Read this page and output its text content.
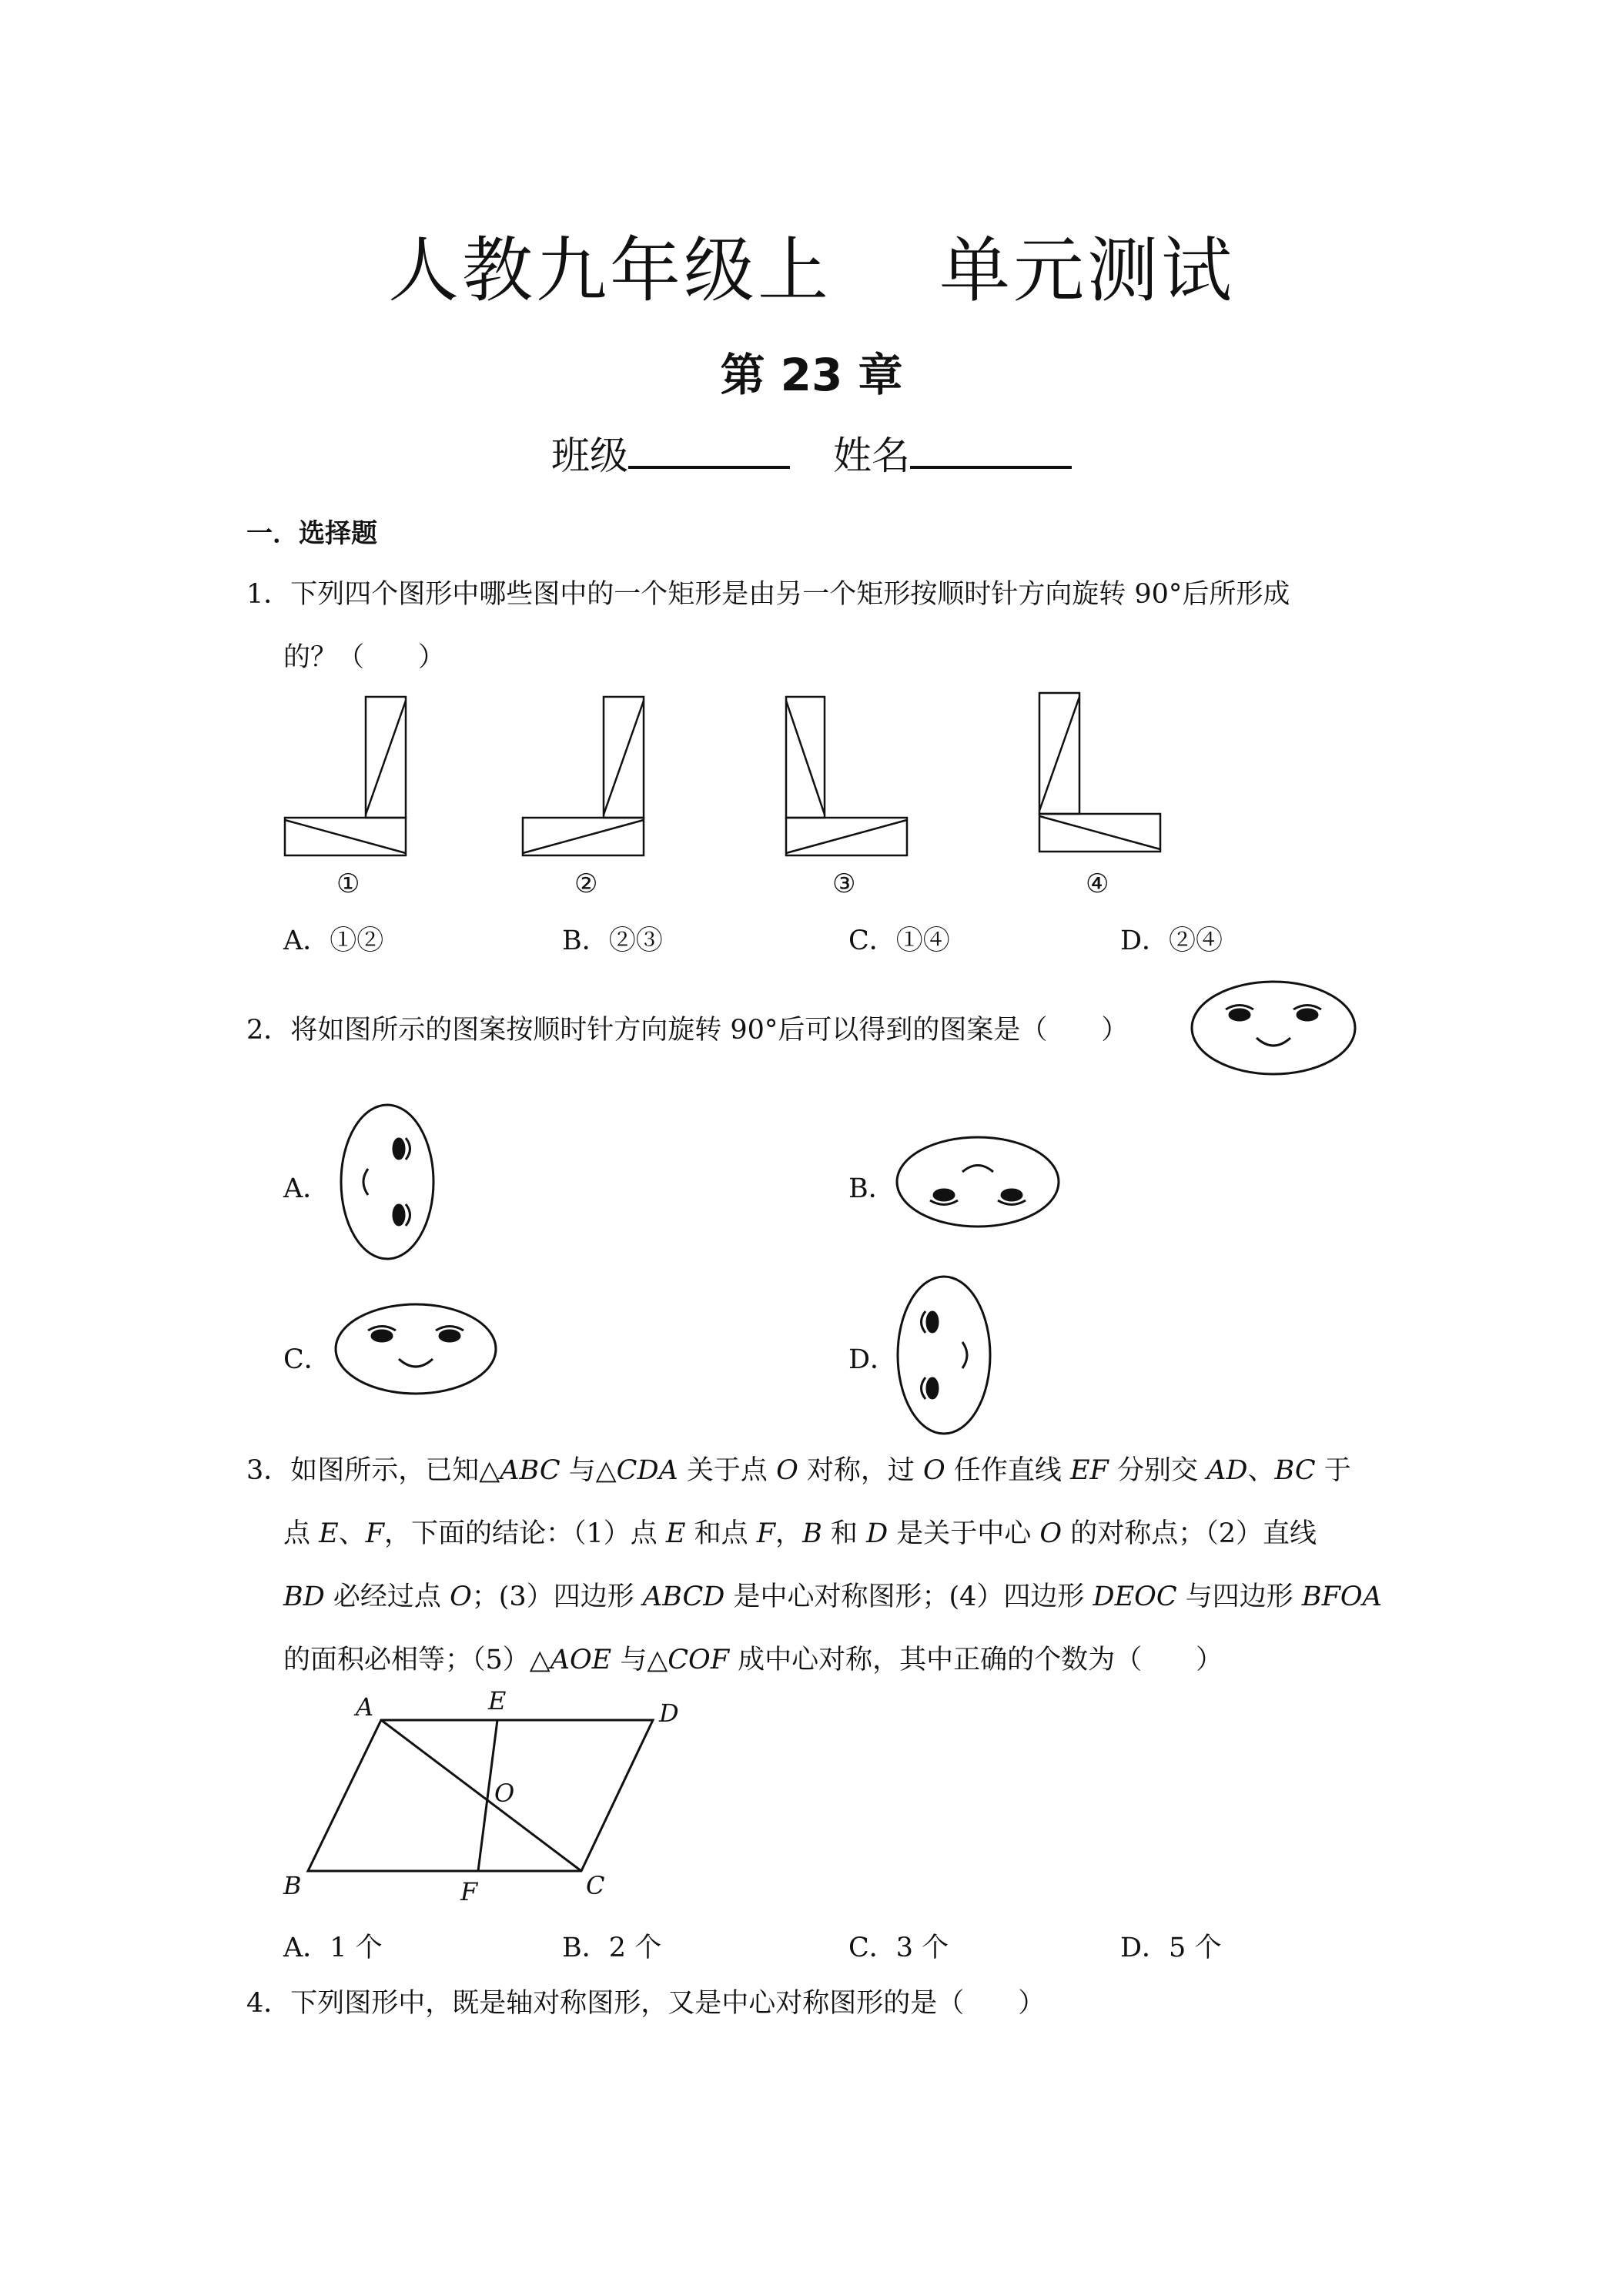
人教九年级上 单元测试
第 23 章
班级	姓名
一．选择题
1．下列四个图形中哪些图中的一个矩形是由另一个矩形按顺时针方向旋转 90°后所形成
的？（　　）
①	②	③	④
A．①②	B．②③	C．①④	D．②④
2．将如图所示的图案按顺时针方向旋转 90°后可以得到的图案是（　　）
A．	B．
C．	D．
3．如图所示，已知△ABC 与△CDA 关于点 O 对称，过 O 任作直线 EF 分别交 AD、BC 于
点 E、F，下面的结论：（1）点 E 和点 F，B 和 D 是关于中心 O 的对称点；（2）直线
BD 必经过点 O；(3）四边形 ABCD 是中心对称图形；(4）四边形 DEOC 与四边形 BFOA
的面积必相等；（5）△AOE 与△COF 成中心对称，其中正确的个数为（　　）
A	E	D
O
B	F	C
A．1 个	B．2 个	C．3 个	D．5 个
4．下列图形中，既是轴对称图形，又是中心对称图形的是（　　）
